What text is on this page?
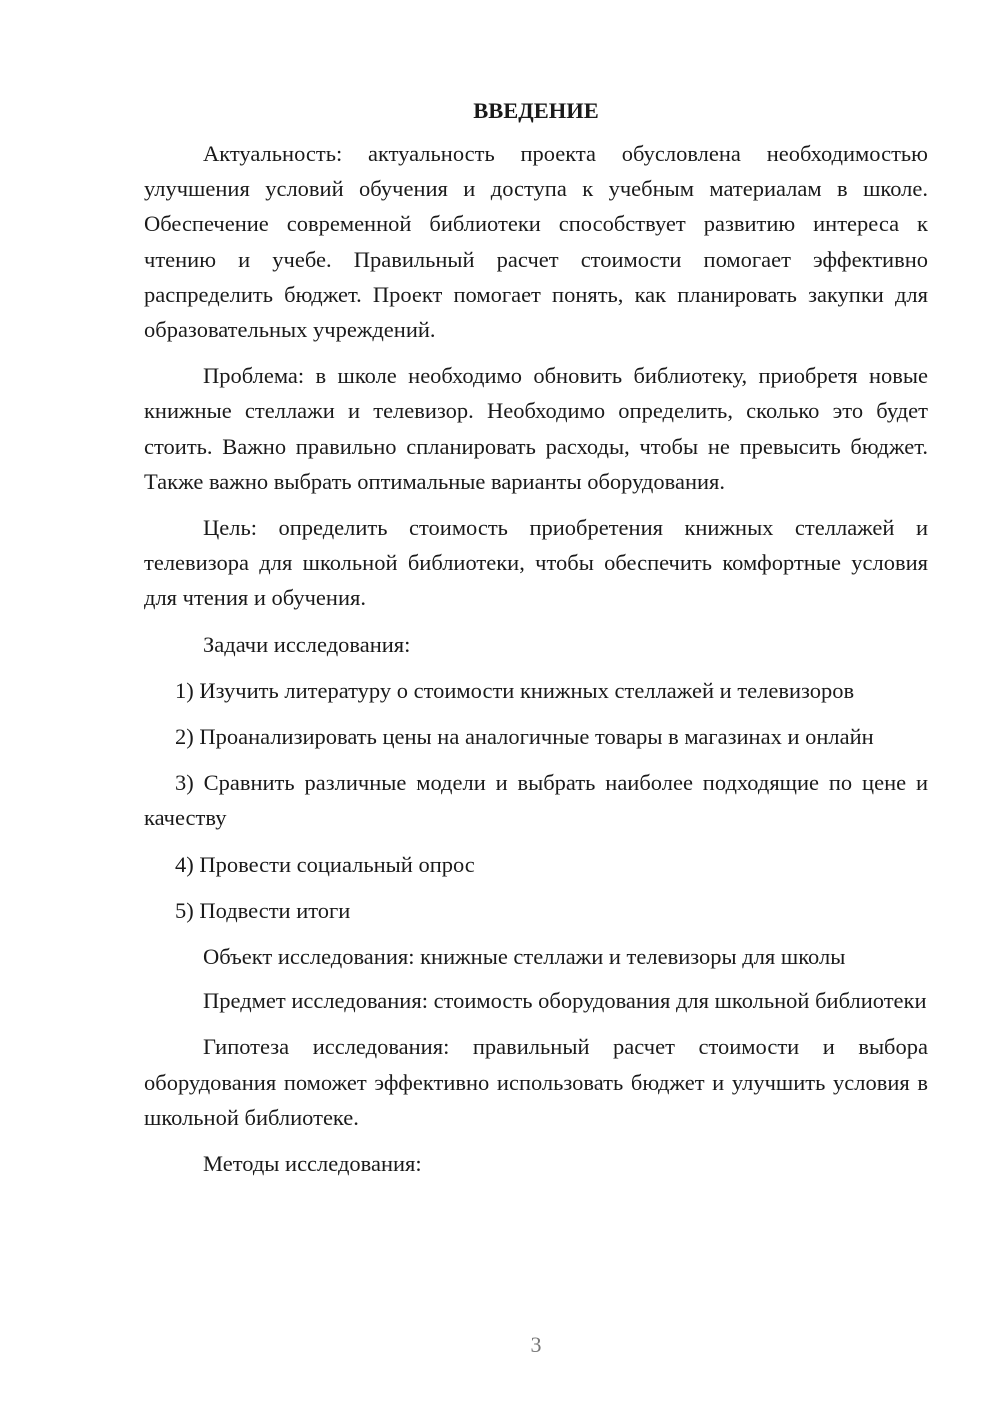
ВВЕДЕНИЕ

Актуальность: актуальность проекта обусловлена необходимостью улучшения условий обучения и доступа к учебным материалам в школе. Обеспечение современной библиотеки способствует развитию интереса к чтению и учебе. Правильный расчет стоимости помогает эффективно распределить бюджет. Проект помогает понять, как планировать закупки для образовательных учреждений.

Проблема: в школе необходимо обновить библиотеку, приобретя новые книжные стеллажи и телевизор. Необходимо определить, сколько это будет стоить. Важно правильно спланировать расходы, чтобы не превысить бюджет. Также важно выбрать оптимальные варианты оборудования.

Цель: определить стоимость приобретения книжных стеллажей и телевизора для школьной библиотеки, чтобы обеспечить комфортные условия для чтения и обучения.

Задачи исследования:

1) Изучить литературу о стоимости книжных стеллажей и телевизоров

2) Проанализировать цены на аналогичные товары в магазинах и онлайн

3) Сравнить различные модели и выбрать наиболее подходящие по цене и качеству

4) Провести социальный опрос

5) Подвести итоги

Объект исследования: книжные стеллажи и телевизоры для школы

Предмет исследования: стоимость оборудования для школьной библиотеки

Гипотеза исследования: правильный расчет стоимости и выбора оборудования поможет эффективно использовать бюджет и улучшить условия в школьной библиотеке.

Методы исследования:

3
